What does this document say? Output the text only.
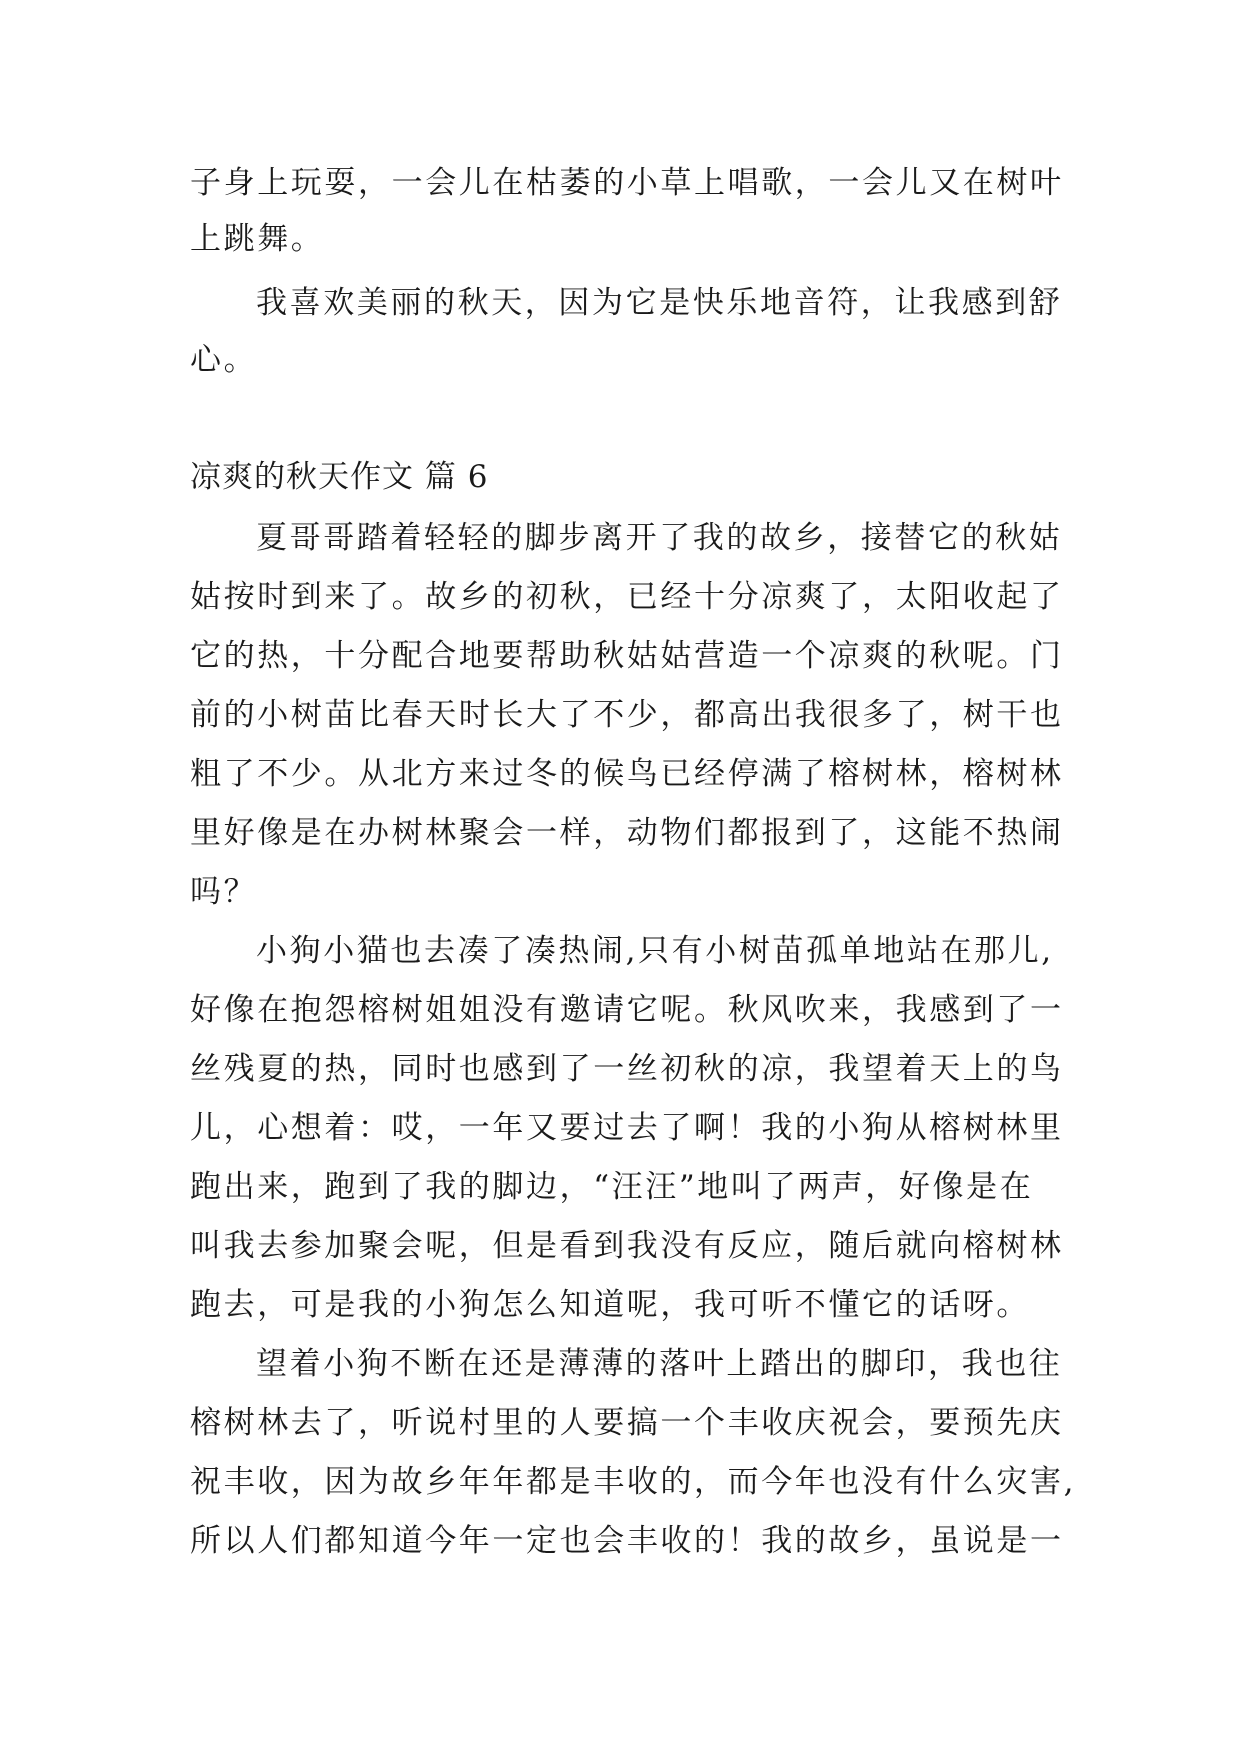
子身上玩耍，一会儿在枯萎的小草上唱歌，一会儿又在树叶
上跳舞。
我喜欢美丽的秋天，因为它是快乐地音符，让我感到舒
心。
凉爽的秋天作文 篇 6
夏哥哥踏着轻轻的脚步离开了我的故乡，接替它的秋姑
姑按时到来了。故乡的初秋，已经十分凉爽了，太阳收起了
它的热，十分配合地要帮助秋姑姑营造一个凉爽的秋呢。门
前的小树苗比春天时长大了不少，都高出我很多了，树干也
粗了不少。从北方来过冬的候鸟已经停满了榕树林，榕树林
里好像是在办树林聚会一样，动物们都报到了，这能不热闹
吗？
小狗小猫也去凑了凑热闹,只有小树苗孤单地站在那儿,
好像在抱怨榕树姐姐没有邀请它呢。秋风吹来，我感到了一
丝残夏的热，同时也感到了一丝初秋的凉，我望着天上的鸟
儿，心想着：哎，一年又要过去了啊！我的小狗从榕树林里
跑出来，跑到了我的脚边，“汪汪”地叫了两声，好像是在
叫我去参加聚会呢，但是看到我没有反应，随后就向榕树林
跑去，可是我的小狗怎么知道呢，我可听不懂它的话呀。
望着小狗不断在还是薄薄的落叶上踏出的脚印，我也往
榕树林去了，听说村里的人要搞一个丰收庆祝会，要预先庆
祝丰收，因为故乡年年都是丰收的，而今年也没有什么灾害,
所以人们都知道今年一定也会丰收的！我的故乡，虽说是一
